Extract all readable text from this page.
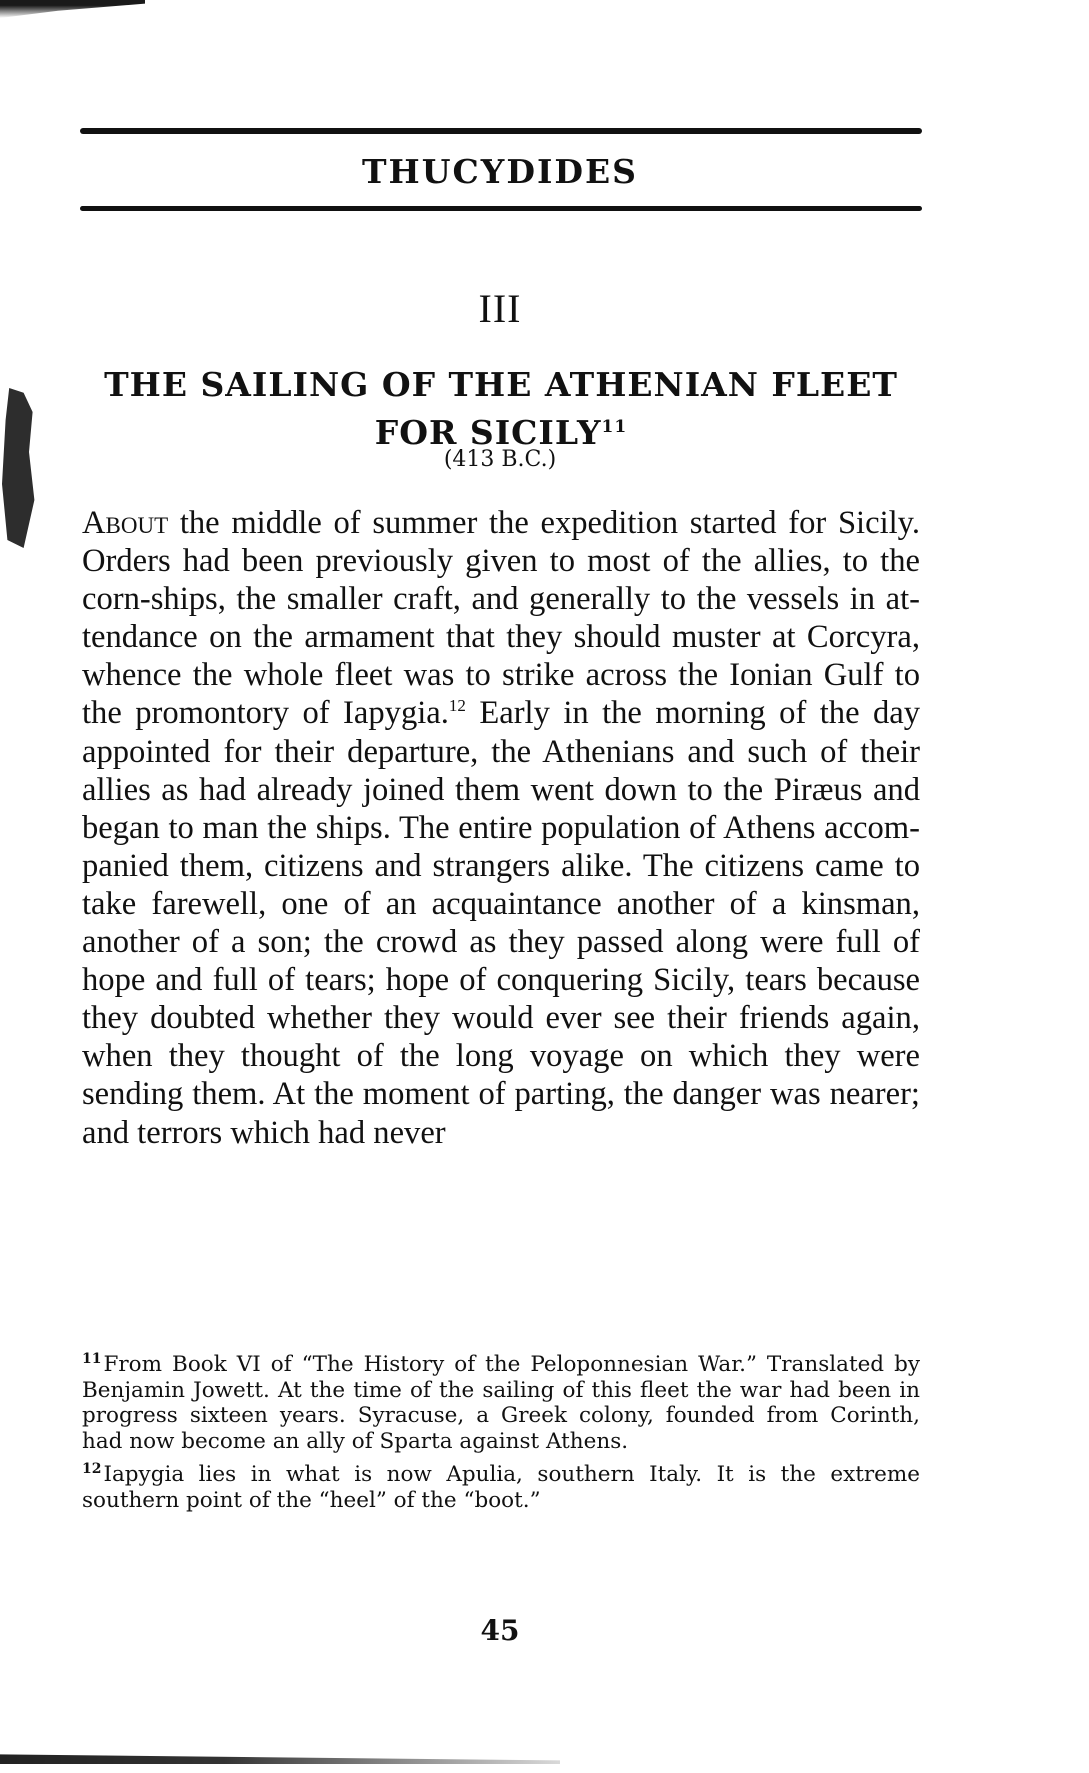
THUCYDIDES
III
THE SAILING OF THE ATHENIAN FLEET FOR SICILY$^{11}$
(413 B.C.)

About the middle of summer the expedition started for Sicily. Orders had been previously given to most of the allies, to the corn-ships, the smaller craft, and generally to the vessels in attendance on the armament that they should muster at Corcyra, whence the whole fleet was to strike across the Ionian Gulf to the promontory of Iapygia.$^{12}$ Early in the morning of the day appointed for their departure, the Athenians and such of their allies as had already joined them went down to the Piræus and began to man the ships. The entire population of Athens accompanied them, citizens and strangers alike. The citizens came to take farewell, one of an acquaintance another of a kinsman, another of a son; the crowd as they passed along were full of hope and full of tears; hope of conquering Sicily, tears because they doubted whether they would ever see their friends again, when they thought of the long voyage on which they were sending them. At the moment of parting, the danger was nearer; and terrors which had never

$^{11}$From Book VI of “The History of the Peloponnesian War.” Translated by Benjamin Jowett. At the time of the sailing of this fleet the war had been in progress sixteen years. Syracuse, a Greek colony, founded from Corinth, had now become an ally of Sparta against Athens.

$^{12}$Iapygia lies in what is now Apulia, southern Italy. It is the extreme southern point of the “heel” of the “boot.”

45
